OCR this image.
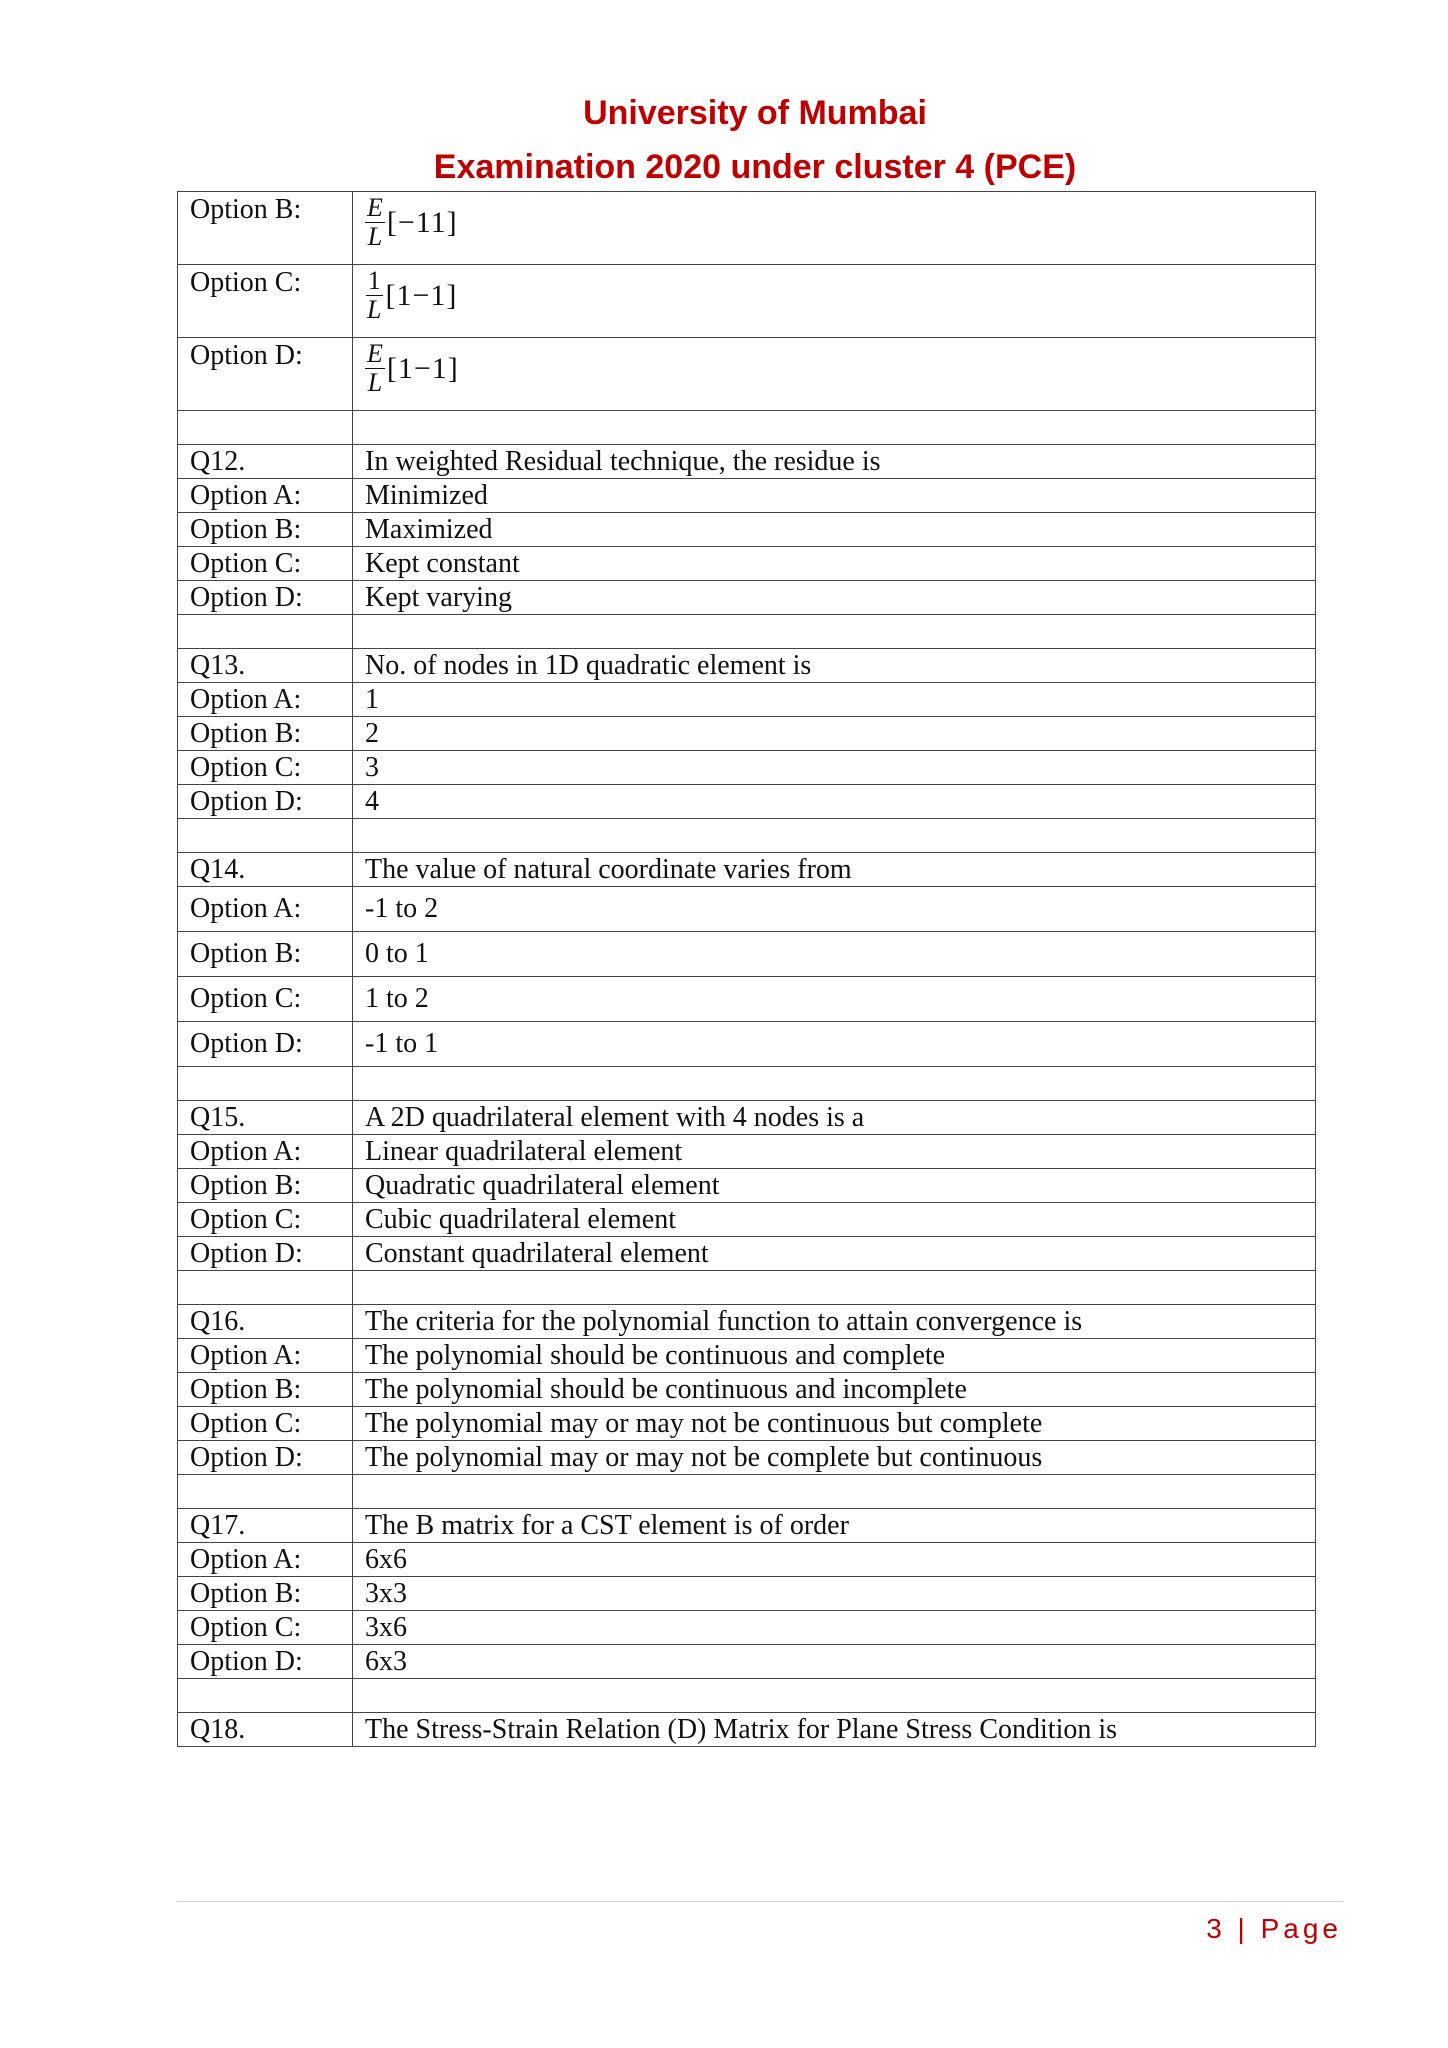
University of Mumbai
Examination 2020 under cluster 4 (PCE)
Option B:	$\frac{E}{L} [-11]$

Option C:	$\frac{1}{L} [1-1]$

Option D:	$\frac{E}{L} [1-1]$

Q12.	In weighted Residual technique, the residue is
Option A:	Minimized
Option B:	Maximized
Option C:	Kept constant
Option D:	Kept varying

Q13.	No. of nodes in 1D quadratic element is
Option A:	1
Option B:	2
Option C:	3
Option D:	4

Q14.	The value of natural coordinate varies from
Option A:	-1 to 2
Option B:	0 to 1
Option C:	1 to 2
Option D:	-1 to 1

Q15.	A 2D quadrilateral element with 4 nodes is a
Option A:	Linear quadrilateral element
Option B:	Quadratic quadrilateral element
Option C:	Cubic quadrilateral element
Option D:	Constant quadrilateral element

Q16.	The criteria for the polynomial function to attain convergence is
Option A:	The polynomial should be continuous and complete
Option B:	The polynomial should be continuous and incomplete
Option C:	The polynomial may or may not be continuous but complete
Option D:	The polynomial may or may not be complete but continuous

Q17.	The B matrix for a CST element is of order
Option A:	6x6
Option B:	3x3
Option C:	3x6
Option D:	6x3

Q18.	The Stress-Strain Relation (D) Matrix for Plane Stress Condition is
3 | Page
